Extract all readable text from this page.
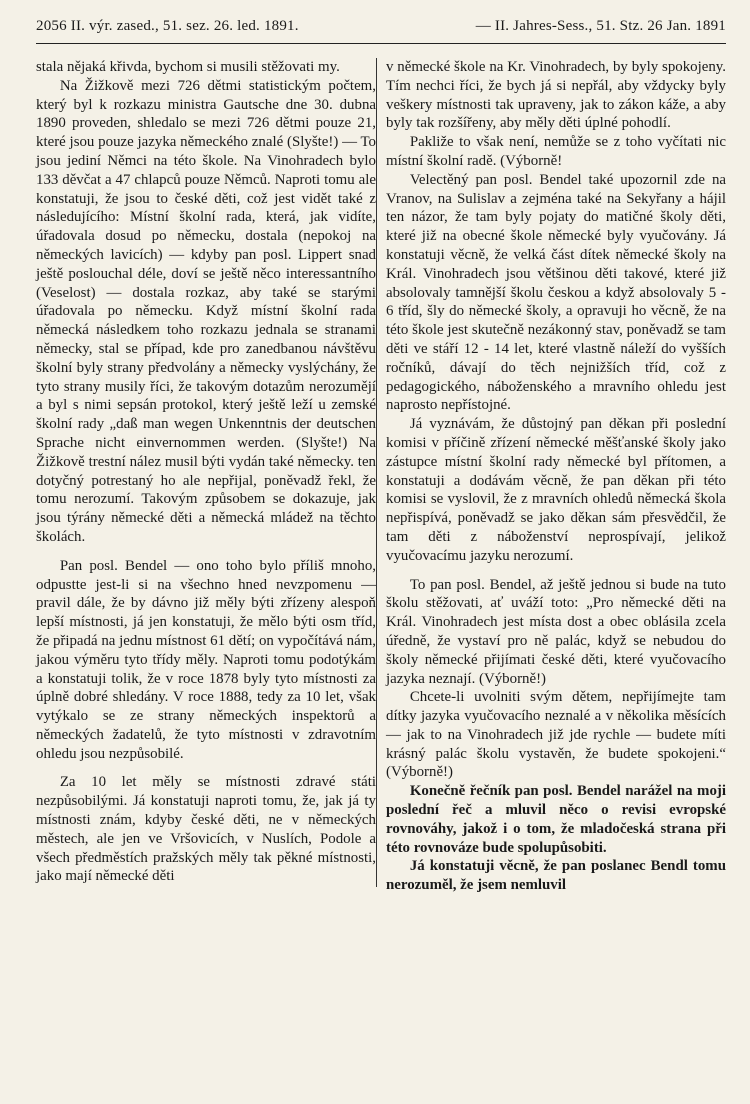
2056 II. výr. zased., 51. sez. 26. led. 1891.	— II. Jahres-Sess., 51. Stz. 26 Jan. 1891

stala nějaká křivda, bychom si musili stěžovati my.

Na Žižkově mezi 726 dětmi statistickým počtem, který byl k rozkazu ministra Gautsche dne 30. dubna 1890 proveden, shledalo se mezi 726 dětmi pouze 21, které jsou pouze jazyka německého znalé (Slyšte!) — To jsou jediní Němci na této škole. Na Vinohradech bylo 133 děvčat a 47 chlapců pouze Němců. Naproti tomu ale konstatuji, že jsou to české děti, což jest vidět také z následujícího: Místní školní rada, která, jak vidíte, úřadovala dosud po německu, dostala (nepokoj na německých lavicích) — kdyby pan posl. Lippert snad ještě poslouchal déle, doví se ještě něco interessantního (Veselost) — dostala rozkaz, aby také se starými úřadovala po německu. Když místní školní rada německá následkem toho rozkazu jednala se stranami německy, stal se případ, kde pro zanedbanou návštěvu školní byly strany předvolány a německy vyslýchány, že tyto strany musily říci, že takovým dotazům nerozumějí a byl s nimi sepsán protokol, který ještě leží u zemské školní rady „daß man wegen Unkenntnis der deutschen Sprache nicht einvernommen werden. (Slyšte!) Na Žižkově trestní nález musil býti vydán také německy. ten dotyčný potrestaný ho ale nepřijal, poněvadž řekl, že tomu nerozumí. Takovým způsobem se dokazuje, jak jsou týrány německé děti a německá mládež na těchto školách.

Pan posl. Bendel — ono toho bylo příliš mnoho, odpustte jest-li si na všechno hned nevzpomenu — pravil dále, že by dávno již měly býti zřízeny alespoň lepší místnosti, já jen konstatuji, že mělo býti osm tříd, že připadá na jednu místnost 61 dětí; on vypočítává nám, jakou výměru tyto třídy měly. Naproti tomu podotýkám a konstatuji tolik, že v roce 1878 byly tyto místnosti za úplně dobré shledány. V roce 1888, tedy za 10 let, však vytýkalo se ze strany německých inspektorů a německých žadatelů, že tyto místnosti v zdravotním ohledu jsou nezpůsobilé.

Za 10 let měly se místnosti zdravé státi nezpůsobilými. Já konstatuji naproti tomu, že, jak já ty místnosti znám, kdyby české děti, ne v německých městech, ale jen ve Vršovicích, v Nuslích, Podole a všech předměstích pražských měly tak pěkné místnosti, jako mají německé děti

v německé škole na Kr. Vinohradech, by byly spokojeny. Tím nechci říci, že bych já si nepřál, aby vždycky byly veškery místnosti tak upraveny, jak to zákon káže, a aby byly tak rozšířeny, aby měly děti úplné pohodlí.

Pakliže to však není, nemůže se z toho vyčítati nic místní školní radě. (Výborně!

Velectěný pan posl. Bendel také upozornil zde na Vranov, na Sulislav a zejména také na Sekyřany a hájil ten názor, že tam byly pojaty do matičné školy děti, které již na obecné škole německé byly vyučovány. Já konstatuji věcně, že velká část dítek německé školy na Král. Vinohradech jsou většinou děti takové, které již absolovaly tamnější školu českou a když absolovaly 5 - 6 tříd, šly do německé školy, a opravuji ho věcně, že na této škole jest skutečně nezákonný stav, poněvadž se tam děti ve stáří 12 - 14 let, které vlastně náleží do vyšších ročníků, dávají do těch nejnižších tříd, což z pedagogického, náboženského a mravního ohledu jest naprosto nepřístojné.

Já vyznávám, že důstojný pan děkan při poslední komisi v příčině zřízení německé měšťanské školy jako zástupce místní školní rady německé byl přítomen, a konstatuji a dodávám věcně, že pan děkan při této komisi se vyslovil, že z mravních ohledů německá škola nepřispívá, poněvadž se jako děkan sám přesvědčil, že tam děti z náboženství neprospívají, jelikož vyučovacímu jazyku nerozumí.

To pan posl. Bendel, až ještě jednou si bude na tuto školu stěžovati, ať uváží toto: „Pro německé děti na Král. Vinohradech jest místa dost a obec oblásila zcela úředně, že vystaví pro ně palác, když se nebudou do školy německé přijímati české děti, které vyučovacího jazyka neznají. (Výborně!)

Chcete-li uvolniti svým dětem, nepřijímejte tam dítky jazyka vyučovacího neznalé a v několika měsících — jak to na Vinohradech již jde rychle — budete míti krásný palác školu vystavěn, že budete spokojeni.“ (Výborně!)

Konečně řečník pan posl. Bendel narážel na moji poslední řeč a mluvil něco o revisi evropské rovnováhy, jakož i o tom, že mladočeská strana při této rovnováze bude spolupůsobiti.

Já konstatuji věcně, že pan poslanec Bendl tomu nerozuměl, že jsem nemluvil
